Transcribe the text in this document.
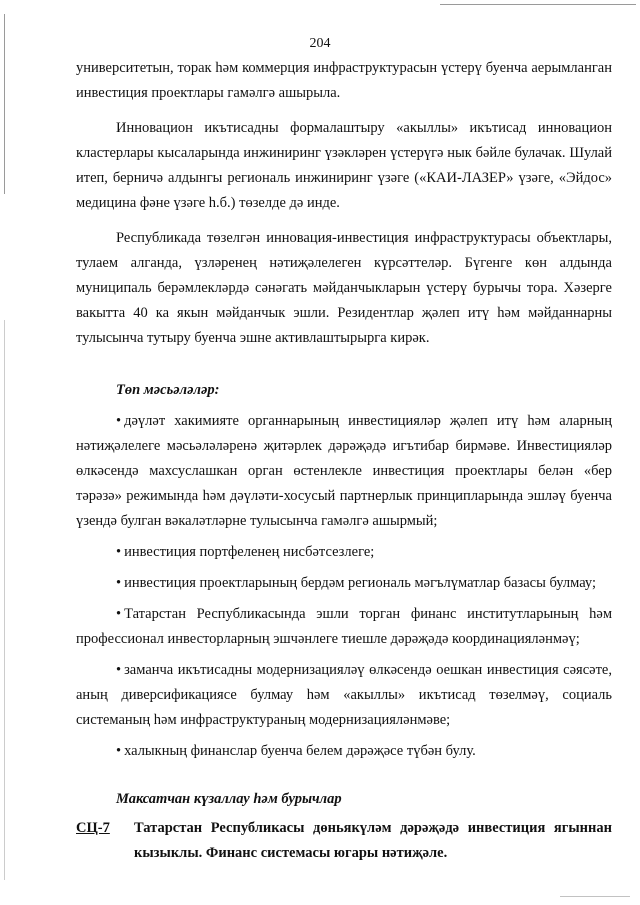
204

университетын, торак һәм коммерция инфраструктурасын үстерү буенча аерымланган инвестиция проектлары гамәлгә ашырыла.

Инновацион икътисадны формалаштыру «акыллы» икътисад инновацион кластерлары кысаларында инжиниринг үзәкләрен үстерүгә нык бәйле булачак. Шулай итеп, берничә алдынгы региональ инжиниринг үзәге («КАИ-ЛАЗЕР» үзәге, «Эйдос» медицина фәне үзәге һ.б.) төзелде дә инде.

Республикада төзелгән инновация-инвестиция инфраструктурасы объектлары, тулаем алганда, үзләренең нәтиҗәлелеген күрсәттеләр. Бүгенге көн алдында муниципаль берәмлекләрдә сәнәгать мәйданчыкларын үстерү бурычы тора. Хәзерге вакытта 40 ка якын мәйданчык эшли. Резидентлар җәлеп итү һәм мәйданнарны тулысынча тутыру буенча эшне активлаштырырга кирәк.

Төп мәсьәләләр:

• дәүләт хакимияте органнарының инвестицияләр җәлеп итү һәм аларның нәтиҗәлелеге мәсьәләләренә җитәрлек дәрәҗәдә игътибар бирмәве. Инвестицияләр өлкәсендә махсуслашкан орган өстенлекле инвестиция проектлары белән «бер тәрәзә» режимында һәм дәүләти-хосусый партнерлык принципларында эшләү буенча үзендә булган вәкаләтләрне тулысынча гамәлгә ашырмый;

• инвестиция портфеленең нисбәтсезлеге;

• инвестиция проектларының бердәм региональ мәгълүматлар базасы булмау;

• Татарстан Республикасында эшли торган финанс институтларының һәм профессионал инвесторларның эшчәнлеге тиешле дәрәҗәдә координацияләнмәү;

• заманча икътисадны модернизацияләү өлкәсендә оешкан инвестиция сәясәте, аның диверсификациясе булмау һәм «акыллы» икътисад төзелмәү, социаль системаның һәм инфраструктураның модернизацияләнмәве;

• халыкның финанслар буенча белем дәрәҗәсе түбән булу.

Максатчан күзаллау һәм бурычлар

СЦ-7	Татарстан Республикасы дөньякүләм дәрәҗәдә инвестиция ягыннан кызыклы. Финанс системасы югары нәтиҗәле.
